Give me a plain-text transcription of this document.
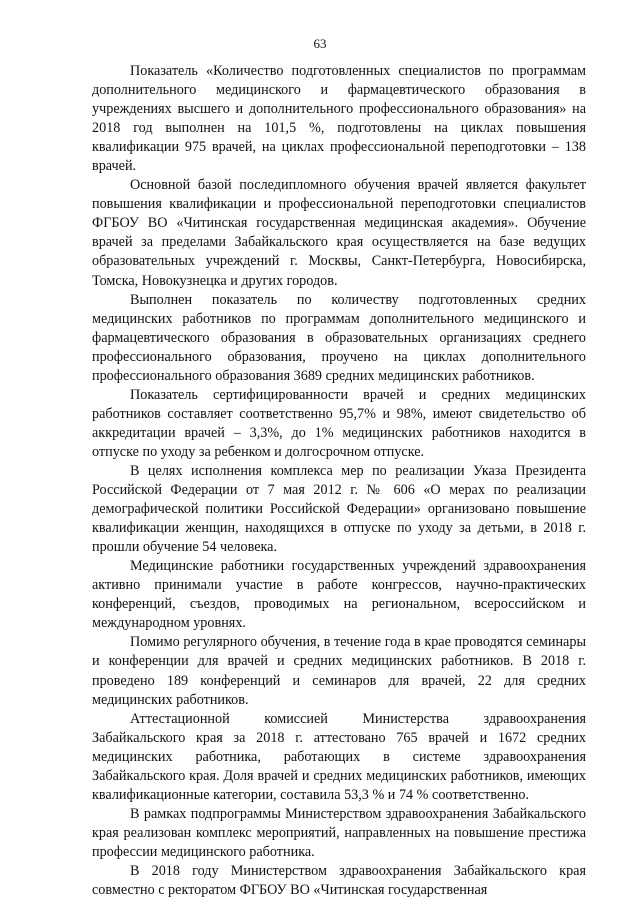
63

Показатель «Количество подготовленных специалистов по программам дополнительного медицинского и фармацевтического образования в учреждениях высшего и дополнительного профессионального образования» на 2018 год выполнен на 101,5 %, подготовлены на циклах повышения квалификации 975 врачей, на циклах профессиональной переподготовки – 138 врачей.

Основной базой последипломного обучения врачей является факультет повышения квалификации и профессиональной переподготовки специалистов ФГБОУ ВО «Читинская государственная медицинская академия». Обучение врачей за пределами Забайкальского края осуществляется на базе ведущих образовательных учреждений г. Москвы, Санкт-Петербурга, Новосибирска, Томска, Новокузнецка и других городов.

Выполнен показатель по количеству подготовленных средних медицинских работников по программам дополнительного медицинского и фармацевтического образования в образовательных организациях среднего профессионального образования, проучено на циклах дополнительного профессионального образования 3689 средних медицинских работников.

Показатель сертифицированности врачей и средних медицинских работников составляет соответственно 95,7% и 98%, имеют свидетельство об аккредитации врачей – 3,3%, до 1% медицинских работников находится в отпуске по уходу за ребенком и долгосрочном отпуске.

В целях исполнения комплекса мер по реализации Указа Президента Российской Федерации от 7 мая 2012 г. № 606 «О мерах по реализации демографической политики Российской Федерации» организовано повышение квалификации женщин, находящихся в отпуске по уходу за детьми, в 2018 г. прошли обучение 54 человека.

Медицинские работники государственных учреждений здравоохранения активно принимали участие в работе конгрессов, научно-практических конференций, съездов, проводимых на региональном, всероссийском и международном уровнях.

Помимо регулярного обучения, в течение года в крае проводятся семинары и конференции для врачей и средних медицинских работников. В 2018 г. проведено 189 конференций и семинаров для врачей, 22 для средних медицинских работников.

Аттестационной комиссией Министерства здравоохранения Забайкальского края за 2018 г. аттестовано 765 врачей и 1672 средних медицинских работника, работающих в системе здравоохранения Забайкальского края. Доля врачей и средних медицинских работников, имеющих квалификационные категории, составила 53,3 % и 74 % соответственно.

В рамках подпрограммы Министерством здравоохранения Забайкальского края реализован комплекс мероприятий, направленных на повышение престижа профессии медицинского работника.

В 2018 году Министерством здравоохранения Забайкальского края совместно с ректоратом ФГБОУ ВО «Читинская государственная
